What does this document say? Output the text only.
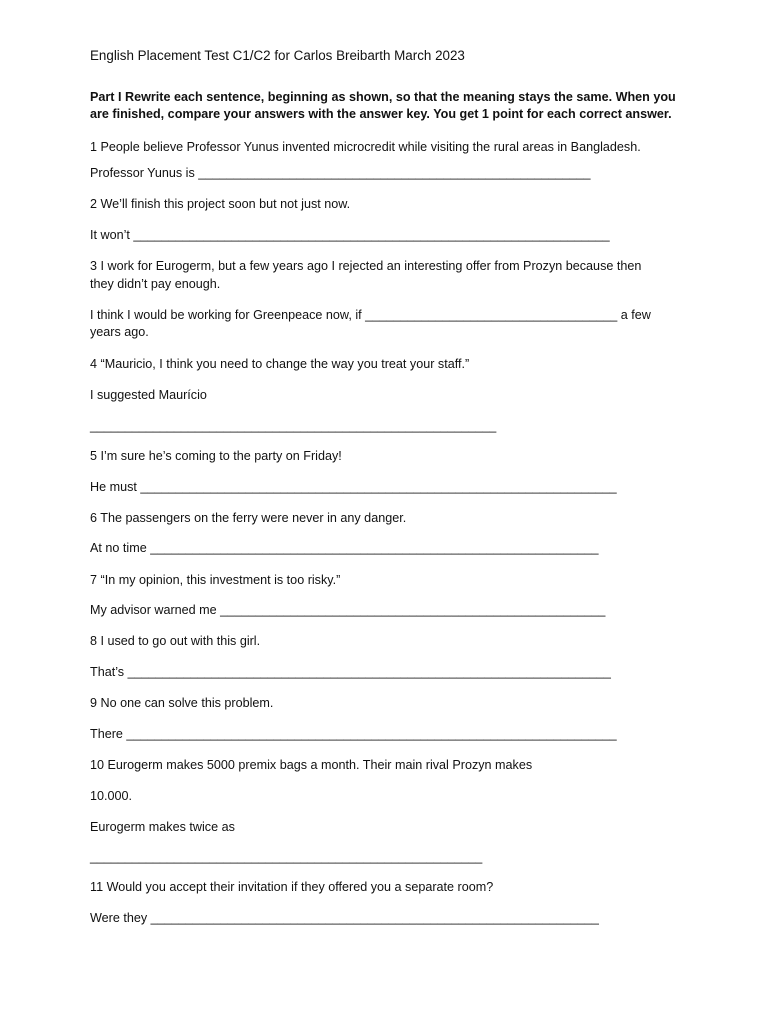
English Placement Test C1/C2 for Carlos Breibarth March 2023
Part I Rewrite each sentence, beginning as shown, so that the meaning stays the same. When you
are finished, compare your answers with the answer key. You get 1 point for each correct answer.
1 People believe Professor Yunus invented microcredit while visiting the rural areas in Bangladesh.
Professor Yunus is ________________________________________________________
2 We’ll finish this project soon but not just now.
It won’t ____________________________________________________________________
3 I work for Eurogerm, but a few years ago I rejected an interesting offer from Prozyn because then
they didn’t pay enough.
I think I would be working for Greenpeace now, if ____________________________________ a few
years ago.
4 “Mauricio, I think you need to change the way you treat your staff.”
I suggested Maurício
__________________________________________________________
5 I’m sure he’s coming to the party on Friday!
He must ____________________________________________________________________
6 The passengers on the ferry were never in any danger.
At no time ________________________________________________________________
7 “In my opinion, this investment is too risky.”
My advisor warned me _______________________________________________________
8 I used to go out with this girl.
That’s _____________________________________________________________________
9 No one can solve this problem.
There ______________________________________________________________________
10 Eurogerm makes 5000 premix bags a month. Their main rival Prozyn makes
10.000.
Eurogerm makes twice as
________________________________________________________
11 Would you accept their invitation if they offered you a separate room?
Were they ________________________________________________________________
